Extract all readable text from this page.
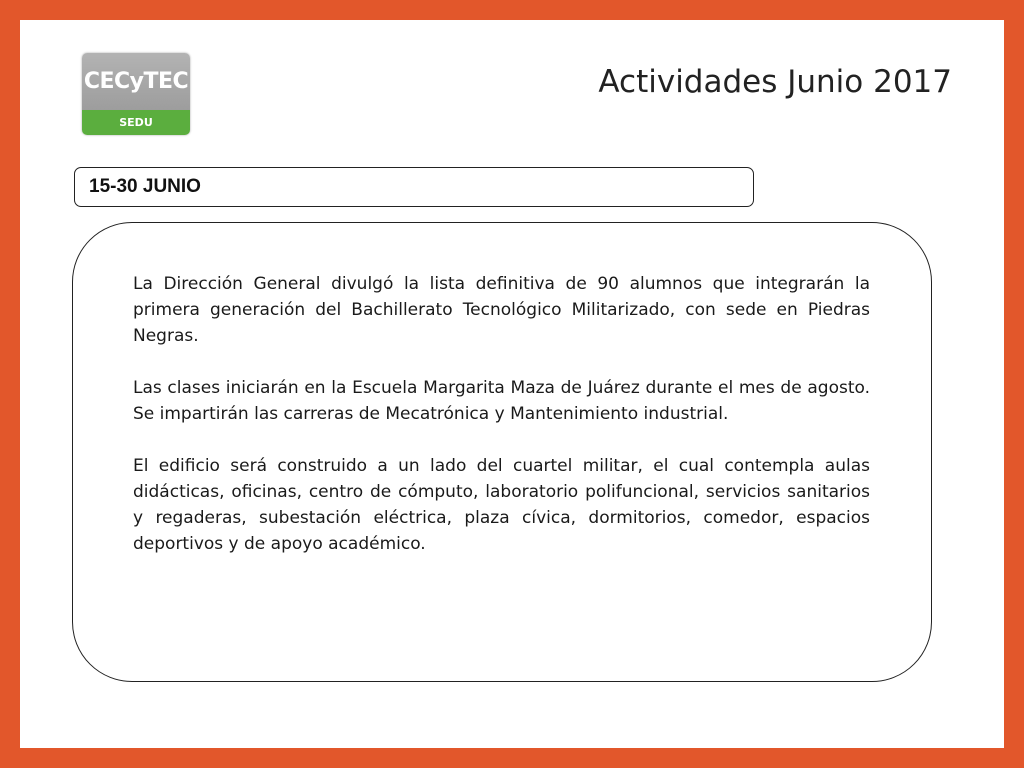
CECyTEC
SEDU
Actividades Junio 2017
15-30 JUNIO

La Dirección General divulgó la lista definitiva de 90 alumnos que integrarán la primera generación del Bachillerato Tecnológico Militarizado, con sede en Piedras Negras.

Las clases iniciarán en la Escuela Margarita Maza de Juárez durante el mes de agosto. Se impartirán las carreras de Mecatrónica y Mantenimiento industrial.

El edificio será construido a un lado del cuartel militar, el cual contempla aulas didácticas, oficinas, centro de cómputo, laboratorio polifuncional, servicios sanitarios y regaderas, subestación eléctrica, plaza cívica, dormitorios, comedor, espacios deportivos y de apoyo académico.
